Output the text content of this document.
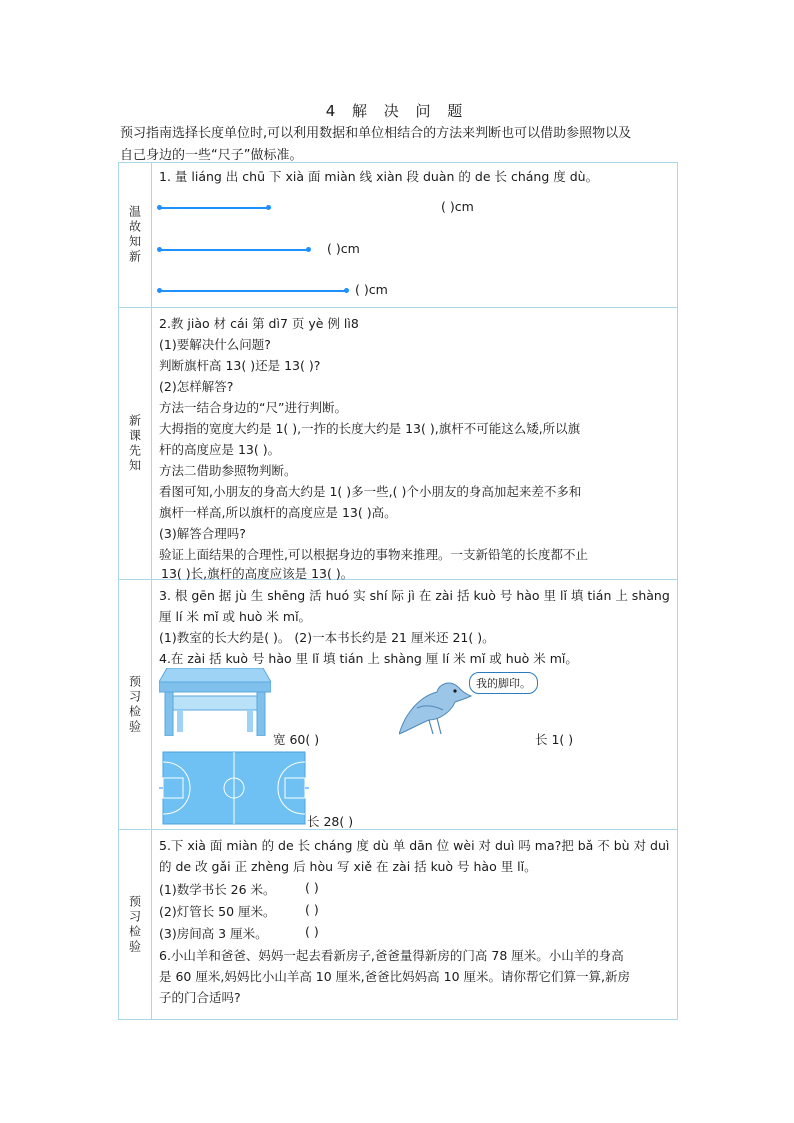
4 解 决 问 题
预习指南选择长度单位时,可以利用数据和单位相结合的方法来判断也可以借助参照物以及
自己身边的一些“尺子”做标准。
温故知新
1. 量 liáng 出 chū 下 xià 面 miàn 线 xiàn 段 duàn 的 de 长 cháng 度 dù。
( )cm
( )cm
( )cm
新课先知
2.教 jiào 材 cái 第 dì7 页 yè 例 lì8
(1)要解决什么问题?
判断旗杆高 13( )还是 13( )?
(2)怎样解答?
方法一结合身边的“尺”进行判断。
大拇指的宽度大约是 1( ),一拃的长度大约是 13( ),旗杆不可能这么矮,所以旗
杆的高度应是 13( )。
方法二借助参照物判断。
看图可知,小朋友的身高大约是 1( )多一些,( )个小朋友的身高加起来差不多和
旗杆一样高,所以旗杆的高度应是 13( )高。
(3)解答合理吗?
验证上面结果的合理性,可以根据身边的事物来推理。一支新铅笔的长度都不止
13( )长,旗杆的高度应该是 13( )。
预习检验
3. 根 gēn 据 jù 生 shēng 活 huó 实 shí 际 jì 在 zài 括 kuò 号 hào 里 lǐ 填 tián 上 shàng
厘 lí 米 mǐ 或 huò 米 mǐ。
(1)教室的长大约是( )。 (2)一本书长约是 21 厘米还 21( )。
4.在 zài 括 kuò 号 hào 里 lǐ 填 tián 上 shàng 厘 lí 米 mǐ 或 huò 米 mǐ。
宽 60( )
我的脚印。
长 1( )
长 28( )
预习检验
5.下 xià 面 miàn 的 de 长 cháng 度 dù 单 dān 位 wèi 对 duì 吗 ma?把 bǎ 不 bù 对 duì
的 de 改 gǎi 正 zhèng 后 hòu 写 xiě 在 zài 括 kuò 号 hào 里 lǐ。
(1)数学书长 26 米。 ( )
(2)灯管长 50 厘米。 ( )
(3)房间高 3 厘米。	( )
6.小山羊和爸爸、妈妈一起去看新房子,爸爸量得新房的门高 78 厘米。小山羊的身高
是 60 厘米,妈妈比小山羊高 10 厘米,爸爸比妈妈高 10 厘米。请你帮它们算一算,新房
子的门合适吗?
